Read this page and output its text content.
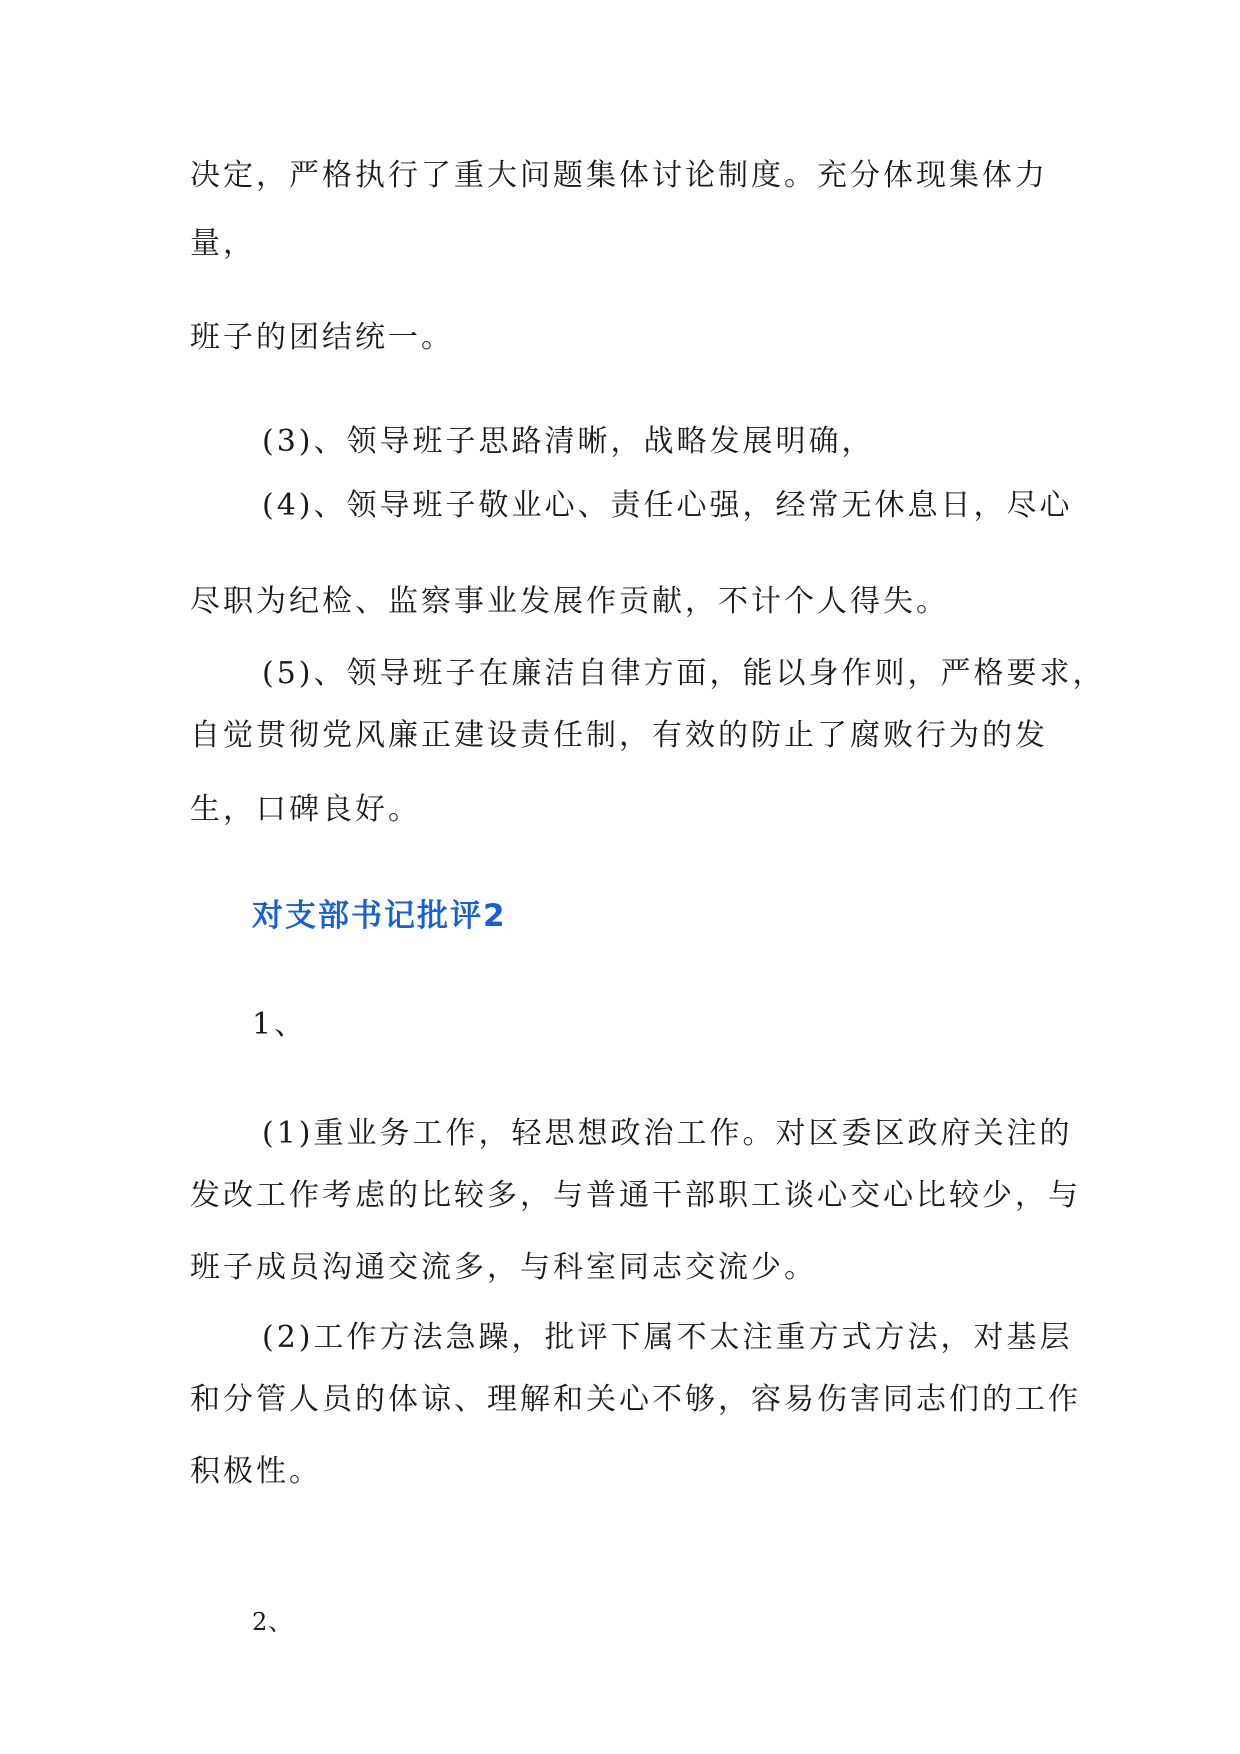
决定，严格执行了重大问题集体讨论制度。充分体现集体力
量，
班子的团结统一。
(3)、领导班子思路清晰，战略发展明确，
(4)、领导班子敬业心、责任心强，经常无休息日，尽心
尽职为纪检、监察事业发展作贡献，不计个人得失。
(5)、领导班子在廉洁自律方面，能以身作则，严格要求，
自觉贯彻党风廉正建设责任制，有效的防止了腐败行为的发
生，口碑良好。
对支部书记批评2
1、
(1)重业务工作，轻思想政治工作。对区委区政府关注的
发改工作考虑的比较多，与普通干部职工谈心交心比较少，与
班子成员沟通交流多，与科室同志交流少。
(2)工作方法急躁，批评下属不太注重方式方法，对基层
和分管人员的体谅、理解和关心不够，容易伤害同志们的工作
积极性。
2、
